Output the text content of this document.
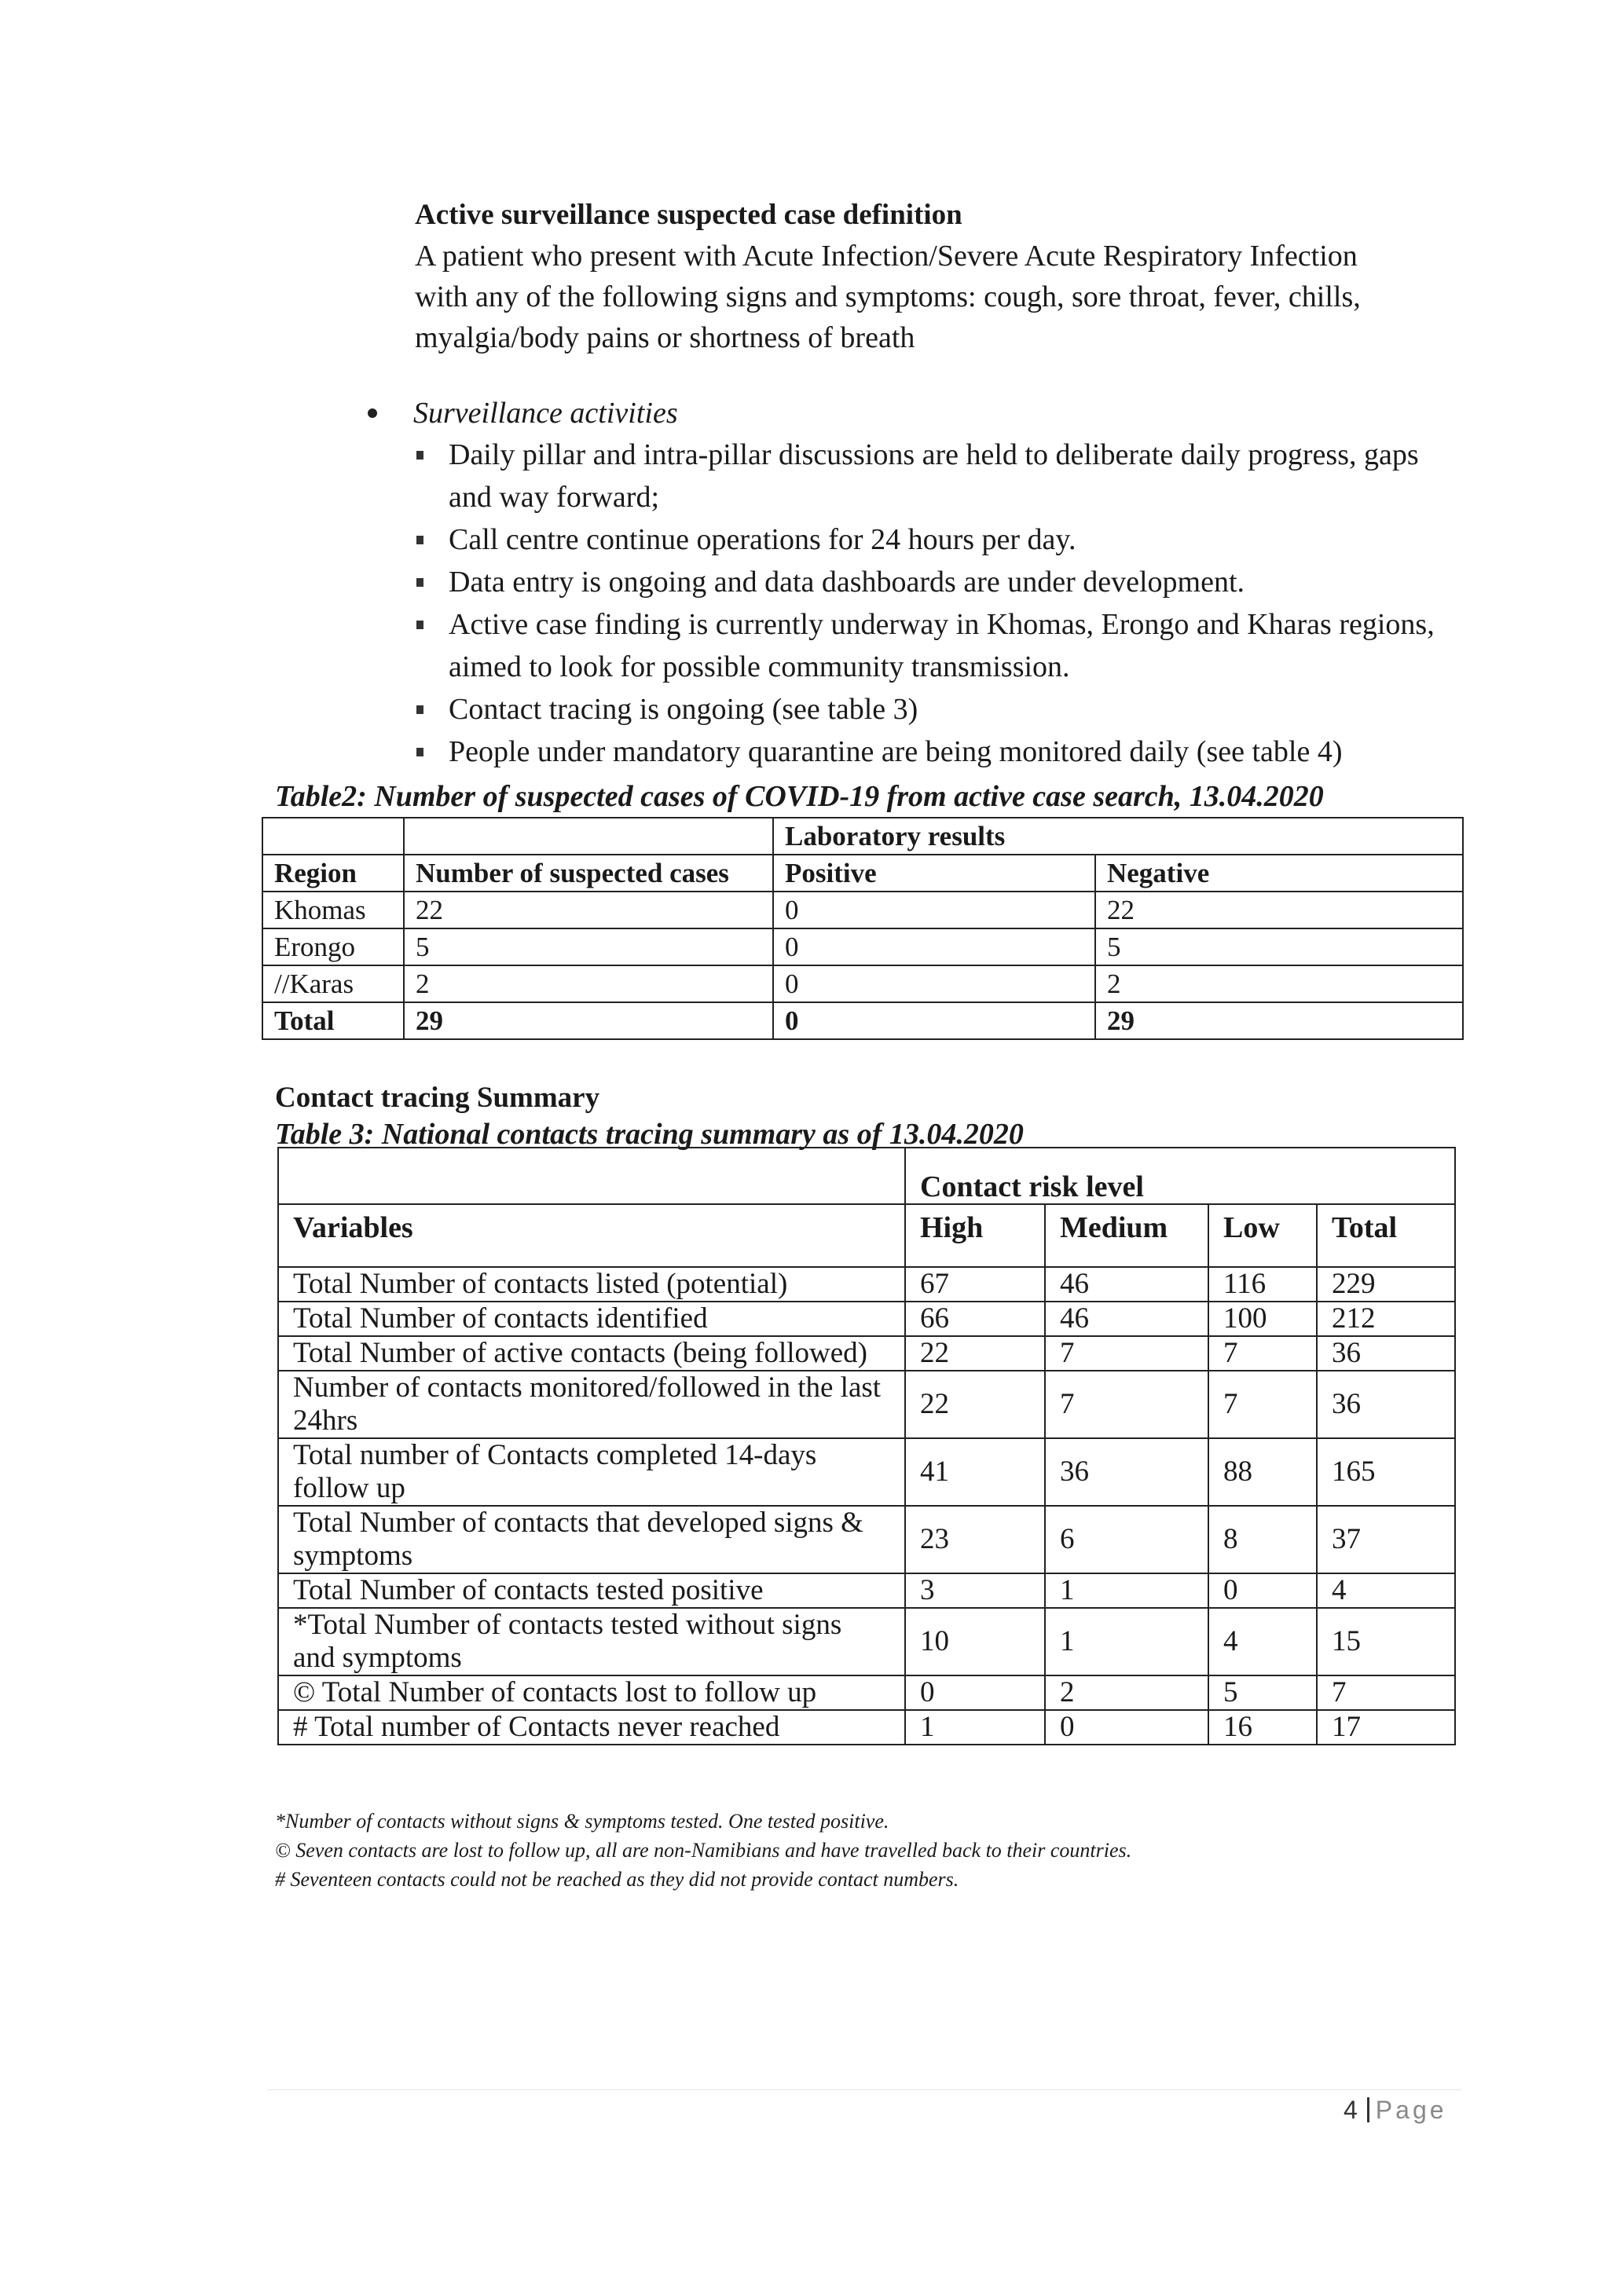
Active surveillance suspected case definition
A patient who present with Acute Infection/Severe Acute Respiratory Infection
with any of the following signs and symptoms: cough, sore throat, fever, chills,
myalgia/body pains or shortness of breath
Surveillance activities
Daily pillar and intra-pillar discussions are held to deliberate daily progress, gaps and way forward;
Call centre continue operations for 24 hours per day.
Data entry is ongoing and data dashboards are under development.
Active case finding is currently underway in Khomas, Erongo and Kharas regions, aimed to look for possible community transmission.
Contact tracing is ongoing (see table 3)
People under mandatory quarantine are being monitored daily (see table 4)
Table2: Number of suspected cases of COVID-19 from active case search, 13.04.2020
		Laboratory results	
Region	Number of suspected cases	Positive	Negative
Khomas	22	0	22
Erongo	5	0	5
//Karas	2	0	2
Total	29	0	29
Contact tracing Summary
Table 3: National contacts tracing summary as of 13.04.2020
	Contact risk level			
Variables	High	Medium	Low	Total
Total Number of contacts listed (potential)	67	46	116	229
Total Number of contacts identified	66	46	100	212
Total Number of active contacts (being followed)	22	7	7	36
Number of contacts monitored/followed in the last 24hrs	22	7	7	36
Total number of Contacts completed 14-days follow up	41	36	88	165
Total Number of contacts that developed signs & symptoms	23	6	8	37
Total Number of contacts tested positive	3	1	0	4
*Total Number of contacts tested without signs and symptoms	10	1	4	15
© Total Number of contacts lost to follow up	0	2	5	7
# Total number of Contacts never reached	1	0	16	17
*Number of contacts without signs & symptoms tested. One tested positive.
© Seven contacts are lost to follow up, all are non-Namibians and have travelled back to their countries.
# Seventeen contacts could not be reached as they did not provide contact numbers.
4 Page
